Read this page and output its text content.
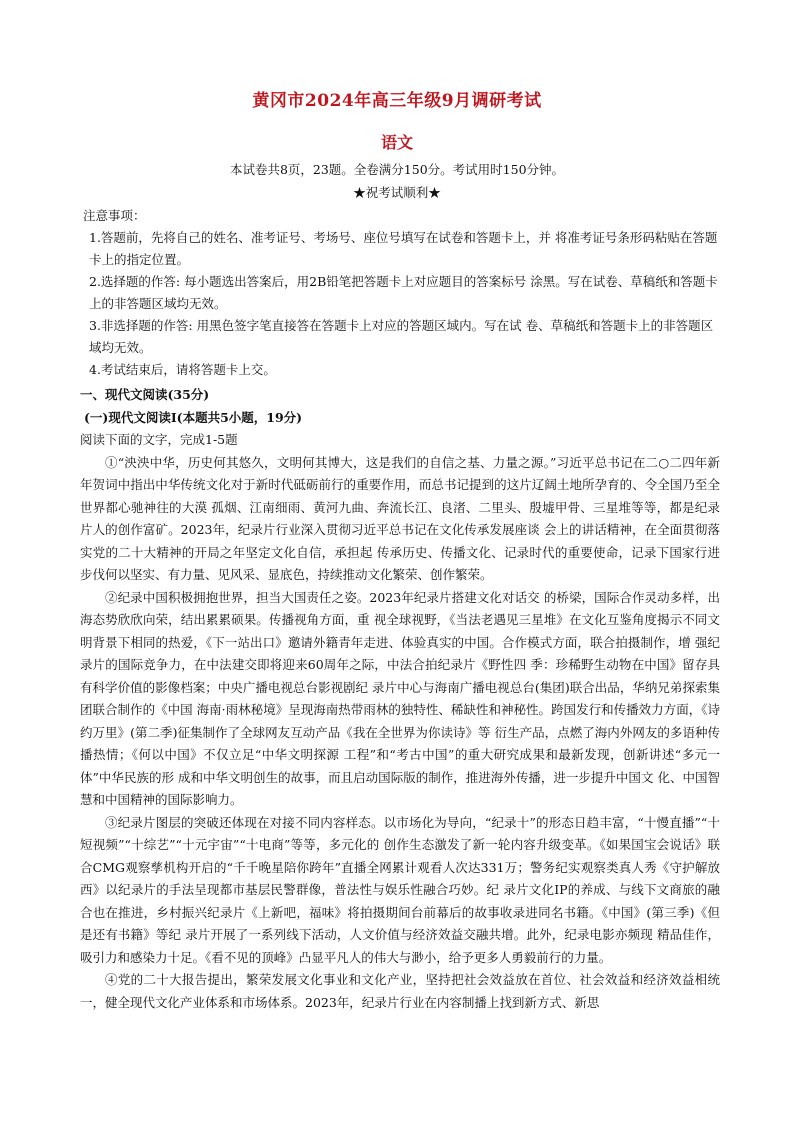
黄冈市2024年高三年级9月调研考试
语文
本试卷共8页，23题。全卷满分150分。考试用时150分钟。
★祝考试顺利★
注意事项：

1.答题前，先将自己的姓名、准考证号、考场号、座位号填写在试卷和答题卡上，并 将准考证号条形码粘贴在答题卡上的指定位置。

2.选择题的作答: 每小题选出答案后，用2B铅笔把答题卡上对应题目的答案标号 涂黑。写在试卷、草稿纸和答题卡上的非答题区域均无效。

3.非选择题的作答: 用黑色签字笔直接答在答题卡上对应的答题区域内。写在试 卷、草稿纸和答题卡上的非答题区域均无效。

4.考试结束后，请将答题卡上交。

一、现代文阅读(35分)
(一)现代文阅读Ⅰ(本题共5小题，19分)
阅读下面的文字，完成1-5题

①“泱泱中华，历史何其悠久，文明何其博大，这是我们的自信之基、力量之源。”习近平总书记在二○二四年新年贺词中指出中华传统文化对于新时代砥砺前行的重要作用，而总书记提到的这片辽阔土地所孕育的、令全国乃至全世界都心驰神往的大漠 孤烟、江南细雨、黄河九曲、奔流长江、良渚、二里头、殷墟甲骨、三星堆等等，都是纪录 片人的创作富矿。2023年，纪录片行业深入贯彻习近平总书记在文化传承发展座谈 会上的讲话精神，在全面贯彻落实党的二十大精神的开局之年坚定文化自信，承担起 传承历史、传播文化、记录时代的重要使命，记录下国家行进步伐何以坚实、有力量、见风采、显底色，持续推动文化繁荣、创作繁荣。

②纪录中国积极拥抱世界，担当大国责任之姿。2023年纪录片搭建文化对话交 的桥梁，国际合作灵动多样，出海态势欣欣向荣，结出累累硕果。传播视角方面，重 视全球视野，《当法老遇见三星堆》在文化互鉴角度揭示不同文明背景下相同的热爱，《下一站出口》邀请外籍青年走进、体验真实的中国。合作模式方面，联合拍摄制作，增 强纪录片的国际竞争力，在中法建交即将迎来60周年之际，中法合拍纪录片《野性四 季：珍稀野生动物在中国》留存具有科学价值的影像档案；中央广播电视总台影视剧纪 录片中心与海南广播电视总台(集团)联合出品，华纳兄弟探索集团联合制作的《中国 海南·雨林秘境》呈现海南热带雨林的独特性、稀缺性和神秘性。跨国发行和传播效力方面，《诗约万里》(第二季)征集制作了全球网友互动产品《我在全世界为你读诗》等 衍生产品，点燃了海内外网友的多语种传播热情；《何以中国》不仅立足“中华文明探源 工程”和“考古中国”的重大研究成果和最新发现，创新讲述“多元一体”中华民族的形 成和中华文明创生的故事，而且启动国际版的制作，推进海外传播，进一步提升中国文 化、中国智慧和中国精神的国际影响力。

③纪录片图层的突破还体现在对接不同内容样态。以市场化为导向，“纪录十”的形态日趋丰富，“十慢直播”“十短视频”“十综艺”“十元宇宙”“十电商”等等，多元化的 创作生态激发了新一轮内容升级变革。《如果国宝会说话》联合CMG观察孳机构开启的“千千晚星陪你跨年”直播全网累计观看人次达331万；警务纪实观察类真人秀《守护解放西》以纪录片的手法呈现都市基层民警群像，普法性与娱乐性融合巧妙。纪 录片文化IP的养成、与线下文商旅的融合也在推进，乡村振兴纪录片《上新吧，福味》将拍摄期间台前幕后的故事收录进同名书籍。《中国》(第三季)《但是还有书籍》等纪 录片开展了一系列线下活动，人文价值与经济效益交融共增。此外，纪录电影亦频现 精品佳作，吸引力和感染力十足。《看不见的顶峰》凸显平凡人的伟大与渺小，给予更多人勇毅前行的力量。

④党的二十大报告提出，繁荣发展文化事业和文化产业，坚持把社会效益放在首位、社会效益和经济效益相统一，健全现代文化产业体系和市场体系。2023年，纪录片行业在内容制播上找到新方式、新思
